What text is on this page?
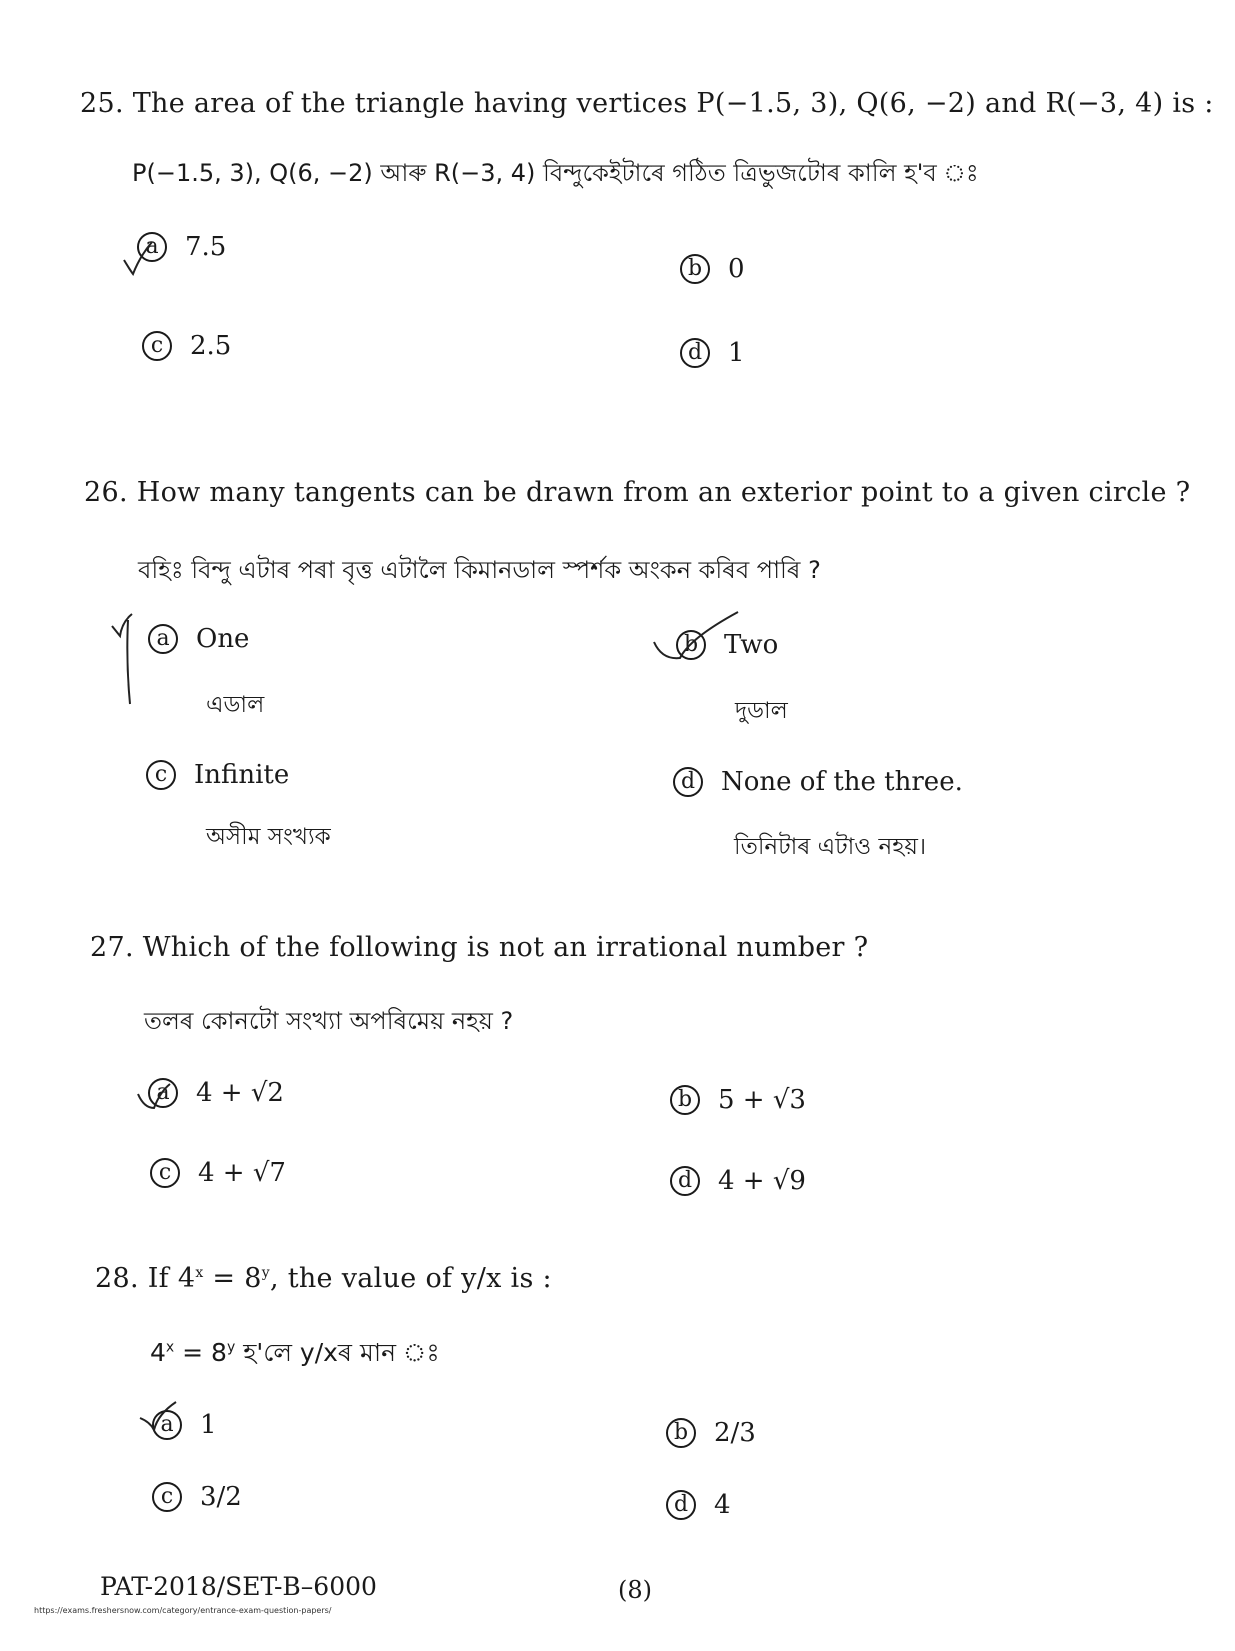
25. The area of the triangle having vertices P(−1.5, 3), Q(6, −2) and R(−3, 4) is :
P(−1.5, 3), Q(6, −2) আৰু R(−3, 4) বিন্দুকেইটাৰে গঠিত ত্ৰিভুজটোৰ কালি হ'ব ঃ
a	7.5
b 0
c	2.5	d 1
26. How many tangents can be drawn from an exterior point to a given circle ?
বহিঃ বিন্দু এটাৰ পৰা বৃত্ত এটালৈ কিমানডাল স্পৰ্শক অংকন কৰিব পাৰি ?
a	One
এডাল
b Two
দুডাল
c	Infinite
অসীম সংখ্যক
d None of the three.
তিনিটাৰ এটাও নহয়।
27. Which of the following is not an irrational number ?
তলৰ কোনটো সংখ্যা অপৰিমেয় নহয় ?
a	4 + √2	b 5 + √3
c	4 + √7	d 4 + √9
28. If $4^x = 8^y$, the value of y/x is :
$4^x = 8^y$ হ'লে y/xৰ মান ঃ
a	1	b 2/3
c	3/2	d 4
PAT-2018/SET-B–6000	(8)
https://exams.freshersnow.com/category/entrance-exam-question-papers/
